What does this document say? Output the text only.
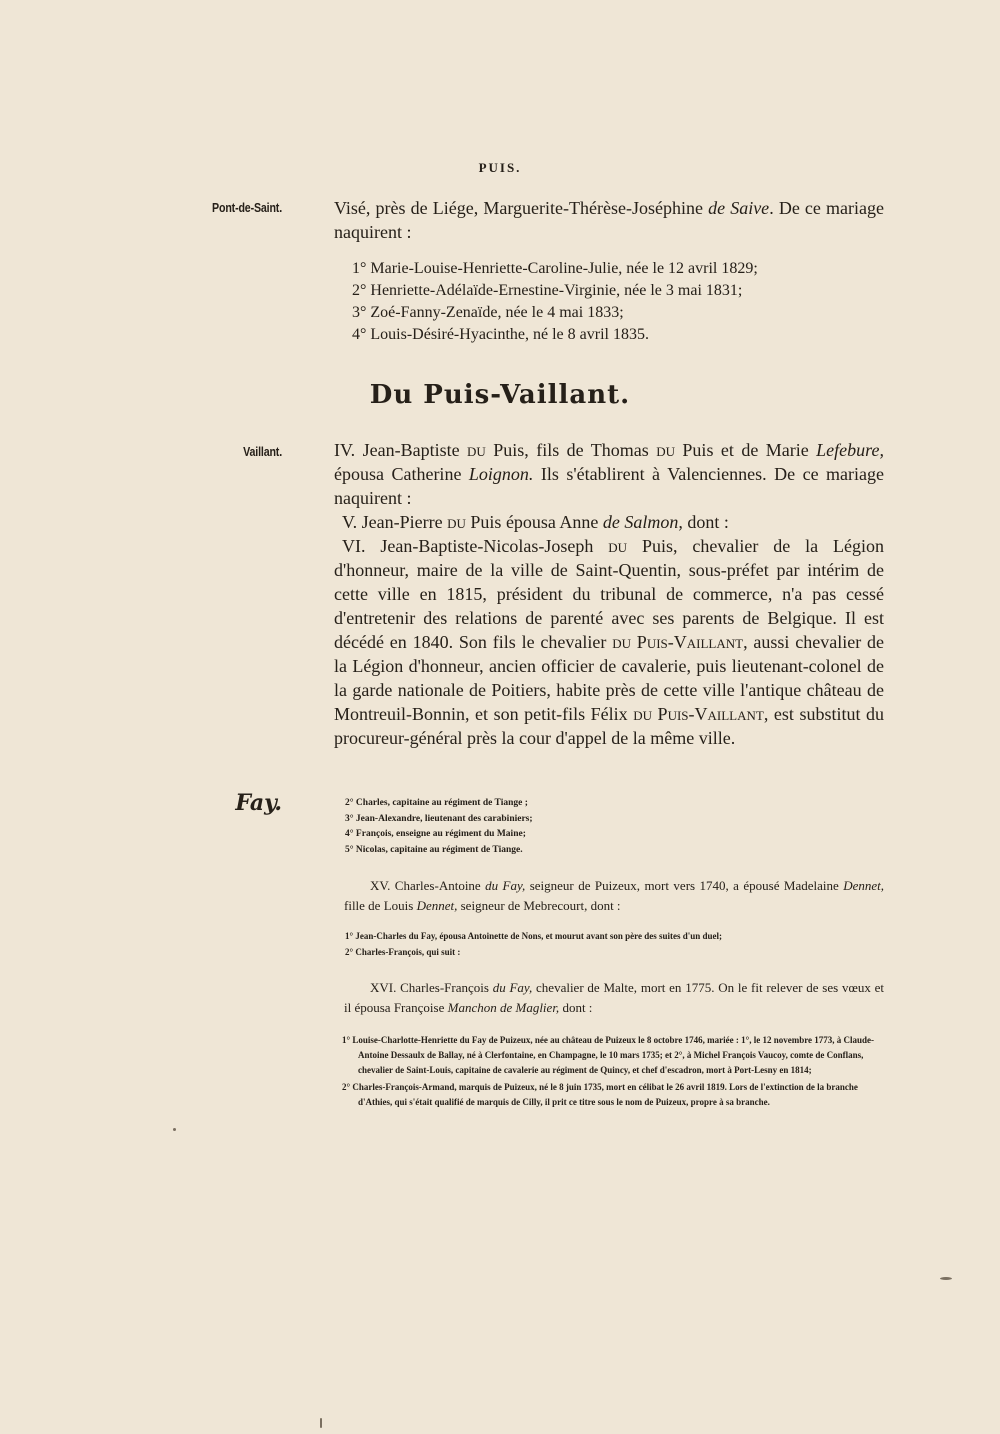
PUIS.
Pont-de-Saint.	Visé, près de Liége, Marguerite-Thérèse-Joséphine de Saive. De ce mariage naquirent :

1° Marie-Louise-Henriette-Caroline-Julie, née le 12 avril 1829;
2° Henriette-Adélaïde-Ernestine-Virginie, née le 3 mai 1831;
3° Zoé-Fanny-Zenaïde, née le 4 mai 1833;
4° Louis-Désiré-Hyacinthe, né le 8 avril 1835.
Du Puis-Vaillant.
Vaillant.	IV. Jean-Baptiste du Puis, fils de Thomas du Puis et de Marie Lefebure, épousa Catherine Loignon. Ils s'établirent à Valenciennes. De ce mariage naquirent :

V. Jean-Pierre du Puis épousa Anne de Salmon, dont :

VI. Jean-Baptiste-Nicolas-Joseph du Puis, chevalier de la Légion d'honneur, maire de la ville de Saint-Quentin, sous-préfet par intérim de cette ville en 1815, président du tribunal de commerce, n'a pas cessé d'entretenir des relations de parenté avec ses parents de Belgique. Il est décédé en 1840. Son fils le chevalier du Puis-Vaillant, aussi chevalier de la Légion d'honneur, ancien officier de cavalerie, puis lieutenant-colonel de la garde nationale de Poitiers, habite près de cette ville l'antique château de Montreuil-Bonnin, et son petit-fils Félix du Puis-Vaillant, est substitut du procureur-général près la cour d'appel de la même ville.

Fay.	2° Charles, capitaine au régiment de Tiange ;
3° Jean-Alexandre, lieutenant des carabiniers;
4° François, enseigne au régiment du Maine;
5° Nicolas, capitaine au régiment de Tiange.

XV. Charles-Antoine du Fay, seigneur de Puizeux, mort vers 1740, a épousé Madelaine Dennet, fille de Louis Dennet, seigneur de Mebrecourt, dont :

1° Jean-Charles du Fay, épousa Antoinette de Nons, et mourut avant son père des suites d'un duel;
2° Charles-François, qui suit :

XVI. Charles-François du Fay, chevalier de Malte, mort en 1775. On le fit relever de ses vœux et il épousa Françoise Manchon de Maglier, dont :

1° Louise-Charlotte-Henriette du Fay de Puizeux, née au château de Puizeux le 8 octobre 1746, mariée : 1°, le 12 novembre 1773, à Claude-Antoine Dessaulx de Ballay, né à Clerfontaine, en Champagne, le 10 mars 1735; et 2°, à Michel François Vaucoy, comte de Conflans, chevalier de Saint-Louis, capitaine de cavalerie au régiment de Quincy, et chef d'escadron, mort à Port-Lesny en 1814;

2° Charles-François-Armand, marquis de Puizeux, né le 8 juin 1735, mort en célibat le 26 avril 1819. Lors de l'extinction de la branche d'Athies, qui s'était qualifié de marquis de Cilly, il prit ce titre sous le nom de Puizeux, propre à sa branche.
